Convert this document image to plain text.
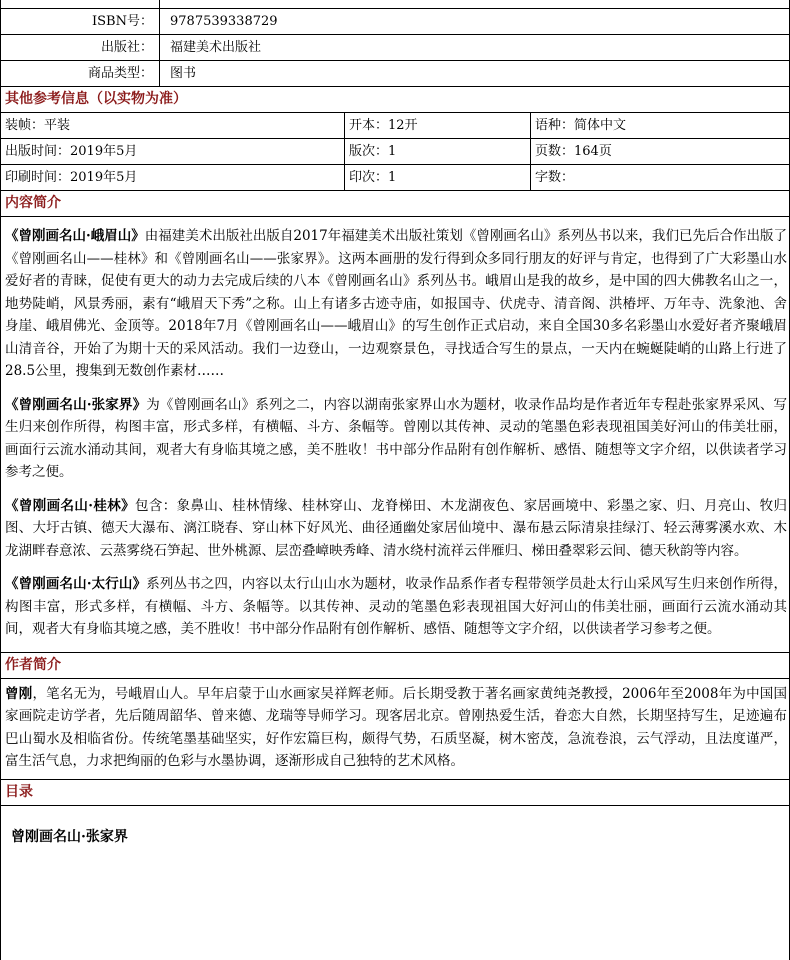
ISBN号：	9787539338729
出版社：	福建美术出版社
商品类型：	图书
其他参考信息（以实物为准）
装帧：平装	开本：12开	语种：简体中文
出版时间：2019年5月	版次：1	页数：164页
印刷时间：2019年5月	印次：1	字数：
内容简介

《曾刚画名山·峨眉山》由福建美术出版社出版自2017年福建美术出版社策划《曾刚画名山》系列丛书以来，我们已先后合作出版了《曾刚画名山——桂林》和《曾刚画名山——张家界》。这两本画册的发行得到众多同行朋友的好评与肯定，也得到了广大彩墨山水爱好者的青睐，促使有更大的动力去完成后续的八本《曾刚画名山》系列丛书。峨眉山是我的故乡，是中国的四大佛教名山之一，地势陡峭，风景秀丽，素有“峨眉天下秀”之称。山上有诸多古迹寺庙，如报国寺、伏虎寺、清音阁、洪椿坪、万年寺、洗象池、舍身崖、峨眉佛光、金顶等。2018年7月《曾刚画名山——峨眉山》的写生创作正式启动，来自全国30多名彩墨山水爱好者齐聚峨眉山清音谷，开始了为期十天的采风活动。我们一边登山，一边观察景色，寻找适合写生的景点，一天内在蜿蜒陡峭的山路上行进了28.5公里，搜集到无数创作素材……

《曾刚画名山·张家界》为《曾刚画名山》系列之二，内容以湖南张家界山水为题材，收录作品均是作者近年专程赴张家界采风、写生归来创作所得，构图丰富，形式多样，有横幅、斗方、条幅等。曾刚以其传神、灵动的笔墨色彩表现祖国美好河山的伟美壮丽，画面行云流水涌动其间，观者大有身临其境之感，美不胜收！书中部分作品附有创作解析、感悟、随想等文字介绍，以供读者学习参考之便。

《曾刚画名山·桂林》包含：象鼻山、桂林情缘、桂林穿山、龙脊梯田、木龙湖夜色、家居画境中、彩墨之家、归、月亮山、牧归图、大圩古镇、德天大瀑布、漓江晓春、穿山林下好风光、曲径通幽处家居仙境中、瀑布悬云际清泉挂绿汀、轻云薄雾溪水欢、木龙湖畔春意浓、云蒸雾绕石笋起、世外桃源、层峦叠嶂映秀峰、清水绕村流祥云伴雁归、梯田叠翠彩云间、德天秋韵等内容。

《曾刚画名山·太行山》系列丛书之四，内容以太行山山水为题材，收录作品系作者专程带领学员赴太行山采风写生归来创作所得，构图丰富，形式多样，有横幅、斗方、条幅等。以其传神、灵动的笔墨色彩表现祖国大好河山的伟美壮丽，画面行云流水涌动其间，观者大有身临其境之感，美不胜收！书中部分作品附有创作解析、感悟、随想等文字介绍，以供读者学习参考之便。

作者简介

曾刚，笔名无为，号峨眉山人。早年启蒙于山水画家吴祥辉老师。后长期受教于著名画家黄纯尧教授，2006年至2008年为中国国家画院走访学者，先后随周韶华、曾来德、龙瑞等导师学习。现客居北京。曾刚热爱生活，眷恋大自然，长期坚持写生，足迹遍布巴山蜀水及相临省份。传统笔墨基础坚实，好作宏篇巨构，颇得气势，石质坚凝，树木密茂，急流卷浪，云气浮动，且法度谨严，富生活气息，力求把绚丽的色彩与水墨协调，逐渐形成自己独特的艺术风格。

目录
曾刚画名山·张家界
